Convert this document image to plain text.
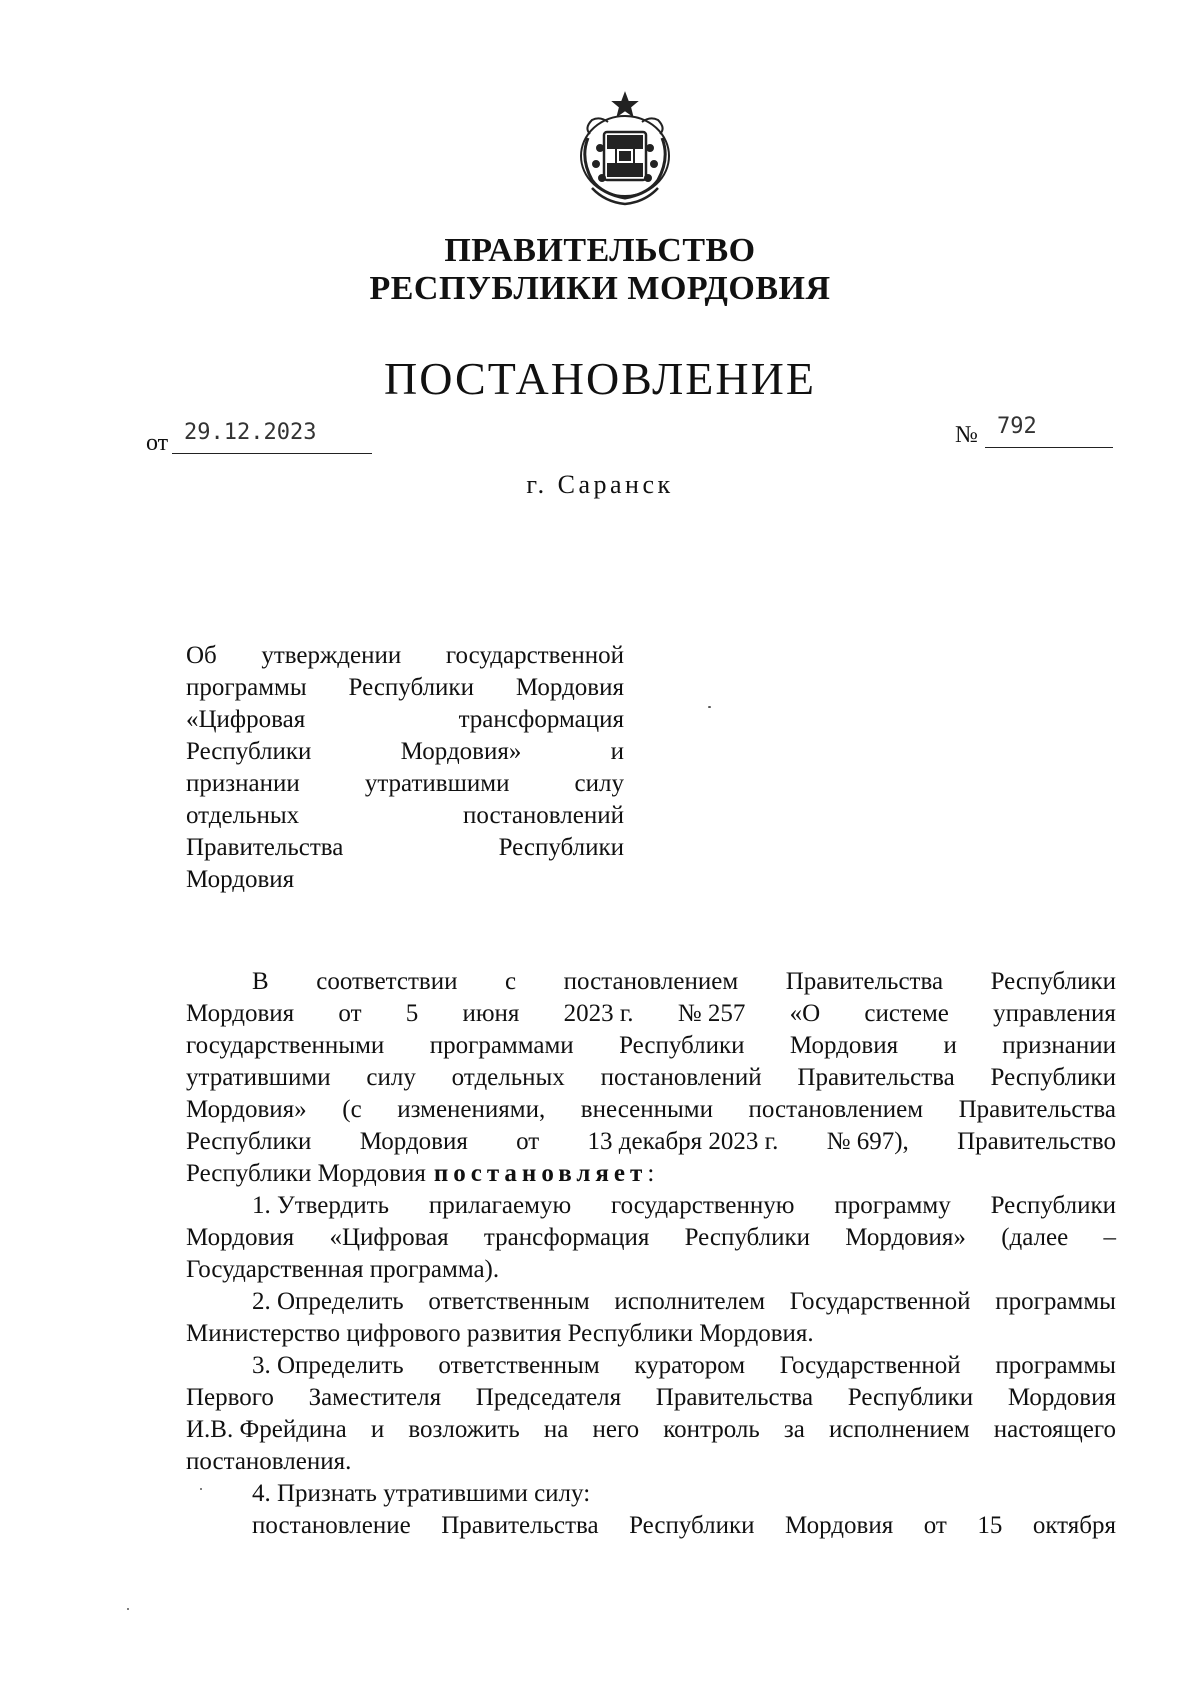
ПРАВИТЕЛЬСТВО
РЕСПУБЛИКИ МОРДОВИЯ
ПОСТАНОВЛЕНИЕ
от 29.12.2023	№ 792
г. Саранск
Об утверждении государственной
программы Республики Мордовия
«Цифровая	трансформация
Республики	Мордовия»	и
признании	утратившими	силу
отдельных	постановлений
Правительства	Республики
Мордовия
В соответствии с постановлением Правительства Республики
Мордовия от 5 июня 2023 г. № 257 «О системе управления
государственными программами Республики Мордовия и признании
утратившими силу отдельных постановлений Правительства Республики
Мордовия» (с изменениями, внесенными постановлением Правительства
Республики Мордовия от 13 декабря 2023 г. № 697), Правительство
Республики Мордовия постановляет :
1. Утвердить прилагаемую государственную программу Республики
Мордовия «Цифровая трансформация Республики Мордовия» (далее –
Государственная программа).
2. Определить ответственным исполнителем Государственной программы
Министерство цифрового развития Республики Мордовия.
3. Определить ответственным куратором Государственной программы
Первого Заместителя Председателя Правительства Республики Мордовия
И.В. Фрейдина и возложить на него контроль за исполнением настоящего
постановления.
4. Признать утратившими силу:
постановление Правительства Республики Мордовия от 15 октября
